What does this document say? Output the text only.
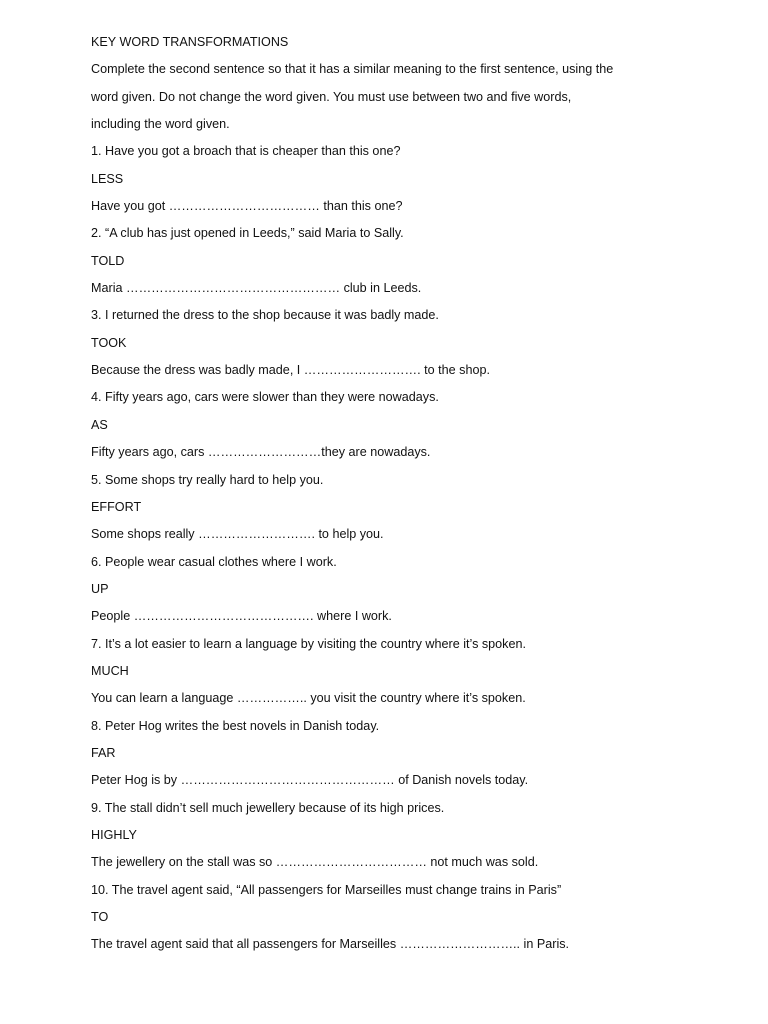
KEY WORD TRANSFORMATIONS
Complete the second sentence so that it has a similar meaning to the first sentence, using the
word given. Do not change the word given. You must use between two and five words,
including the word given.
1. Have you got a broach that is cheaper than this one?
LESS
Have you got ……………………………… than this one?
2. “A club has just opened in Leeds,” said Maria to Sally.
TOLD
Maria …………………………………………… club in Leeds.
3. I returned the dress to the shop because it was badly made.
TOOK
Because the dress was badly made, I ………………………. to the shop.
4. Fifty years ago, cars were slower than they were nowadays.
AS
Fifty years ago, cars ………………………they are nowadays.
5. Some shops try really hard to help you.
EFFORT
Some shops really ………………………. to help you.
6. People wear casual clothes where I work.
UP
People ……………………………………. where I work.
7. It’s a lot easier to learn a language by visiting the country where it’s spoken.
MUCH
You can learn a language …………….. you visit the country where it’s spoken.
8. Peter Hog writes the best novels in Danish today.
FAR
Peter Hog is by …………………………………………… of Danish novels today.
9. The stall didn’t sell much jewellery because of its high prices.
HIGHLY
The jewellery on the stall was so ……………………………… not much was sold.
10. The travel agent said, “All passengers for Marseilles must change trains in Paris”
TO
The travel agent said that all passengers for Marseilles ……………………….. in Paris.
